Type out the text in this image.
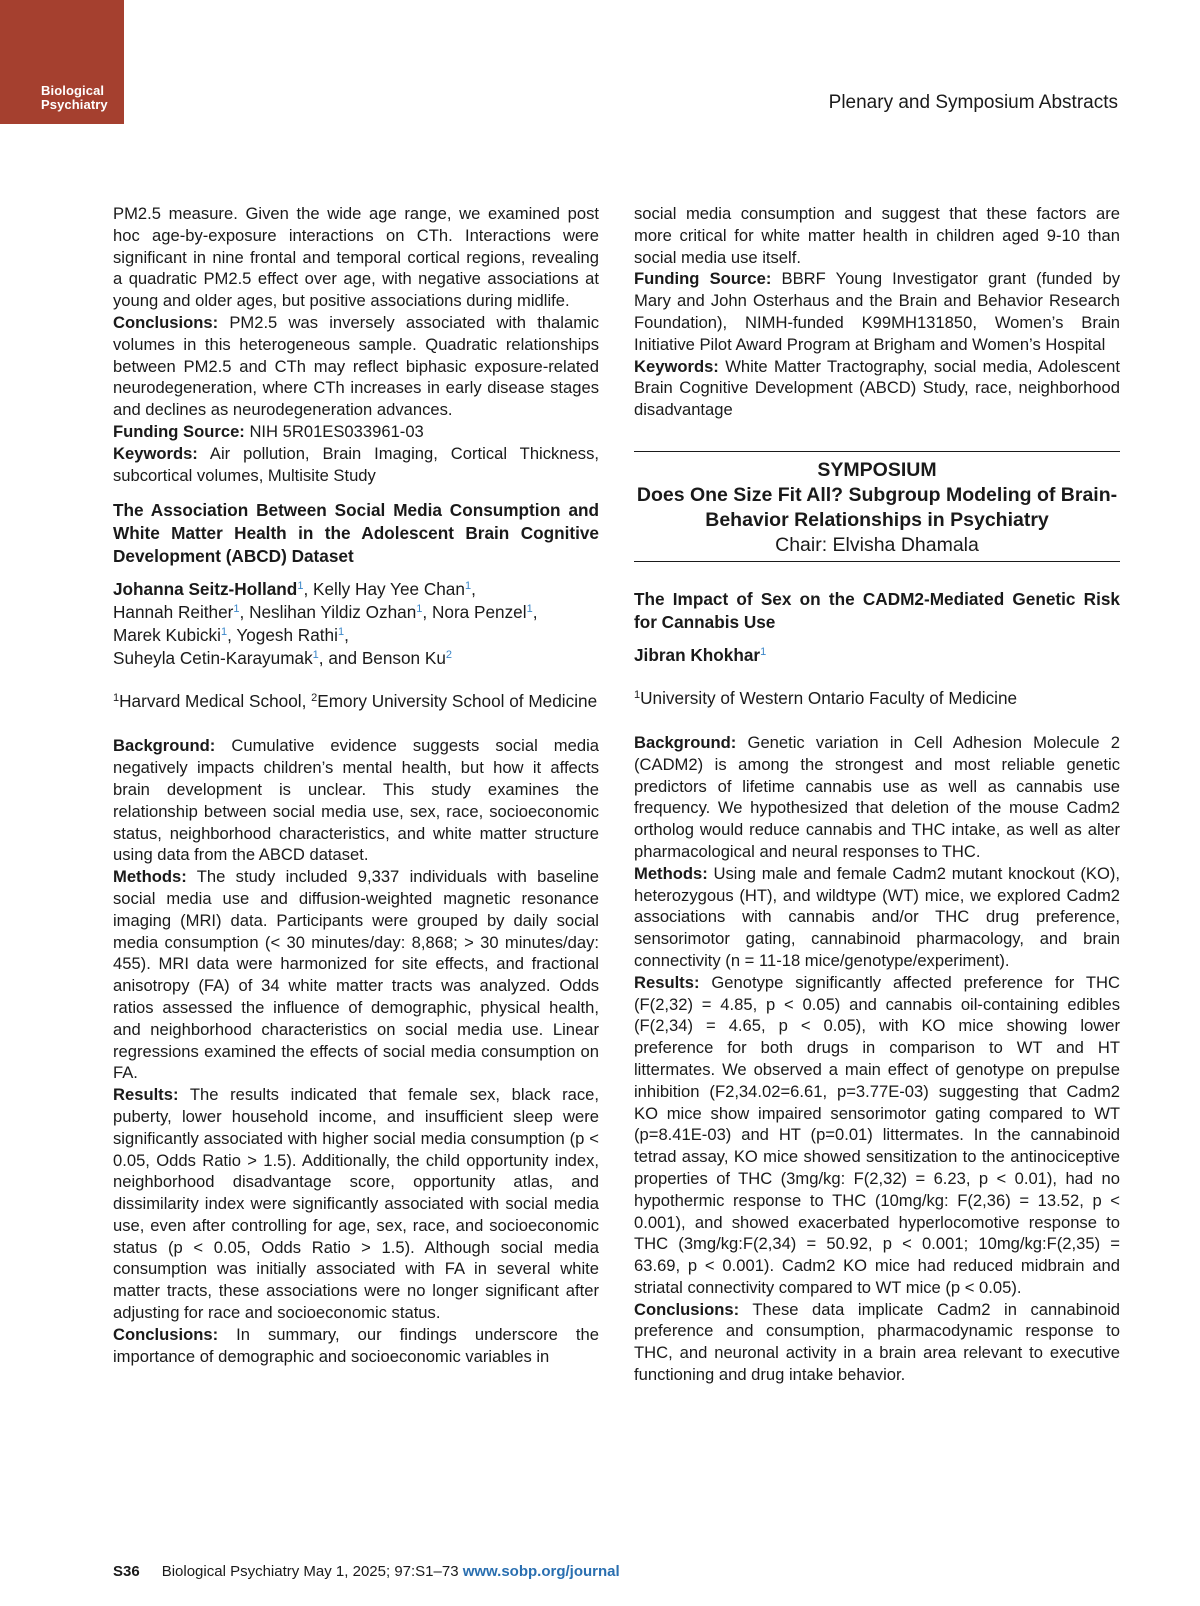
Biological
Psychiatry	Plenary and Symposium Abstracts

PM2.5 measure. Given the wide age range, we examined post hoc age-by-exposure interactions on CTh. Interactions were significant in nine frontal and temporal cortical regions, revealing a quadratic PM2.5 effect over age, with negative associations at young and older ages, but positive associations during midlife.

Conclusions: PM2.5 was inversely associated with thalamic volumes in this heterogeneous sample. Quadratic relationships between PM2.5 and CTh may reflect biphasic exposure-related neurodegeneration, where CTh increases in early disease stages and declines as neurodegeneration advances.

Funding Source: NIH 5R01ES033961-03

Keywords: Air pollution, Brain Imaging, Cortical Thickness, subcortical volumes, Multisite Study

The Association Between Social Media Consumption and White Matter Health in the Adolescent Brain Cognitive Development (ABCD) Dataset

Johanna Seitz-Holland$^1$, Kelly Hay Yee Chan$^1$,
Hannah Reither$^1$, Neslihan Yildiz Ozhan$^1$, Nora Penzel$^1$,
Marek Kubicki$^1$, Yogesh Rathi$^1$,
Suheyla Cetin-Karayumak$^1$, and Benson Ku$^2$
$^1$Harvard Medical School, $^2$Emory University School of Medicine

Background: Cumulative evidence suggests social media negatively impacts children’s mental health, but how it affects brain development is unclear. This study examines the relationship between social media use, sex, race, socioeconomic status, neighborhood characteristics, and white matter structure using data from the ABCD dataset.

Methods: The study included 9,337 individuals with baseline social media use and diffusion-weighted magnetic resonance imaging (MRI) data. Participants were grouped by daily social media consumption (< 30 minutes/day: 8,868; > 30 minutes/day: 455). MRI data were harmonized for site effects, and fractional anisotropy (FA) of 34 white matter tracts was analyzed. Odds ratios assessed the influence of demographic, physical health, and neighborhood characteristics on social media use. Linear regressions examined the effects of social media consumption on FA.

Results: The results indicated that female sex, black race, puberty, lower household income, and insufficient sleep were significantly associated with higher social media consumption (p < 0.05, Odds Ratio > 1.5). Additionally, the child opportunity index, neighborhood disadvantage score, opportunity atlas, and dissimilarity index were significantly associated with social media use, even after controlling for age, sex, race, and socioeconomic status (p < 0.05, Odds Ratio > 1.5). Although social media consumption was initially associated with FA in several white matter tracts, these associations were no longer significant after adjusting for race and socioeconomic status.

Conclusions: In summary, our findings underscore the importance of demographic and socioeconomic variables in

social media consumption and suggest that these factors are more critical for white matter health in children aged 9-10 than social media use itself.

Funding Source: BBRF Young Investigator grant (funded by Mary and John Osterhaus and the Brain and Behavior Research Foundation), NIMH-funded K99MH131850, Women’s Brain Initiative Pilot Award Program at Brigham and Women’s Hospital

Keywords: White Matter Tractography, social media, Adolescent Brain Cognitive Development (ABCD) Study, race, neighborhood disadvantage

SYMPOSIUM
Does One Size Fit All? Subgroup Modeling of Brain-Behavior Relationships in Psychiatry
Chair: Elvisha Dhamala

The Impact of Sex on the CADM2-Mediated Genetic Risk for Cannabis Use

Jibran Khokhar$^1$
$^1$University of Western Ontario Faculty of Medicine

Background: Genetic variation in Cell Adhesion Molecule 2 (CADM2) is among the strongest and most reliable genetic predictors of lifetime cannabis use as well as cannabis use frequency. We hypothesized that deletion of the mouse Cadm2 ortholog would reduce cannabis and THC intake, as well as alter pharmacological and neural responses to THC.

Methods: Using male and female Cadm2 mutant knockout (KO), heterozygous (HT), and wildtype (WT) mice, we explored Cadm2 associations with cannabis and/or THC drug preference, sensorimotor gating, cannabinoid pharmacology, and brain connectivity (n = 11-18 mice/genotype/experiment).

Results: Genotype significantly affected preference for THC (F(2,32) = 4.85, p < 0.05) and cannabis oil-containing edibles (F(2,34) = 4.65, p < 0.05), with KO mice showing lower preference for both drugs in comparison to WT and HT littermates. We observed a main effect of genotype on prepulse inhibition (F2,34.02=6.61, p=3.77E-03) suggesting that Cadm2 KO mice show impaired sensorimotor gating compared to WT (p=8.41E-03) and HT (p=0.01) littermates. In the cannabinoid tetrad assay, KO mice showed sensitization to the antinociceptive properties of THC (3mg/kg: F(2,32) = 6.23, p < 0.01), had no hypothermic response to THC (10mg/kg: F(2,36) = 13.52, p < 0.001), and showed exacerbated hyperlocomotive response to THC (3mg/kg:F(2,34) = 50.92, p < 0.001; 10mg/kg:F(2,35) = 63.69, p < 0.001). Cadm2 KO mice had reduced midbrain and striatal connectivity compared to WT mice (p < 0.05).

Conclusions: These data implicate Cadm2 in cannabinoid preference and consumption, pharmacodynamic response to THC, and neuronal activity in a brain area relevant to executive functioning and drug intake behavior.

S36 Biological Psychiatry May 1, 2025; 97:S1–73 www.sobp.org/journal
